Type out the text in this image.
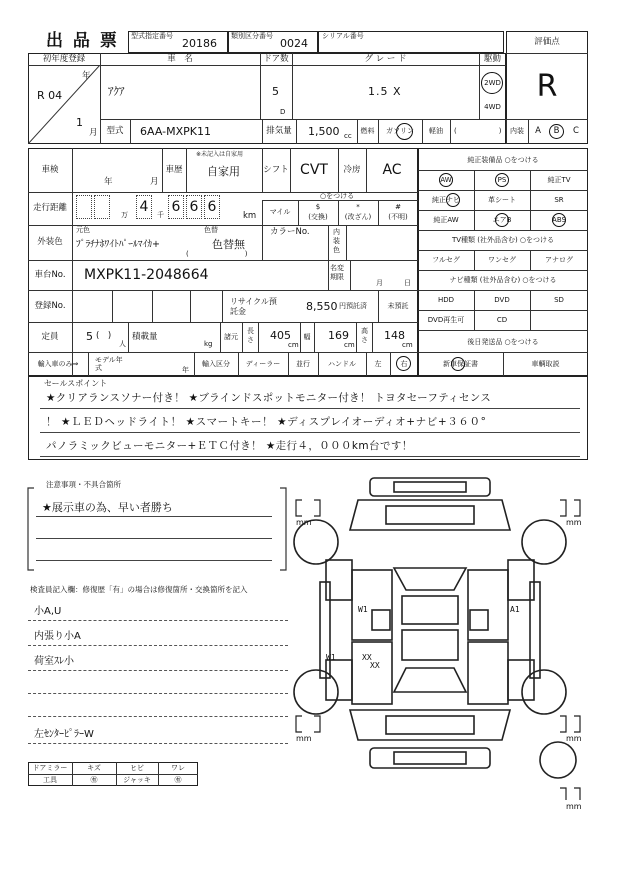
出 品 票 型式指定番号
20186
類別区分番号
0024
シリアル番号
評価点
R
初年度登録	車　名	ドア数	グ レ ー ド	駆動
R 04
年
1
月
ｱｸｱ	5
D
1.5 X
2WD
4WD
型式	6AA-MXPK11	排気量	1,500 cc
燃料	ガソリン	軽油	(　　　　　　)	内装	A	B	C
車検
年	月
車歴
※未記入は自家用
自家用	シフト CVT	冷房	AC
走行距離	4 6 6 6
万	千	km
○をつける
マイル
$
(交換)
*
(改ざん)
#
(不明)
外装色
元色
ﾌﾟﾗﾁﾅﾎﾜｲﾄﾊﾟｰﾙﾏｲｶ+
色替
色替無
(　　　　　　　　)
カラーNo.	内装色
車台No.	MXPK11-2048664	名変期限
月	日
登録No.	リサイクル預託金	8,550 円預託済	未預託
定員	5 (　)
人
積載量
kg
諸元
長さ 405
cm
幅	169
cm
高さ 148
cm
輸入車のみ⇒	モデル年式	年
輸入区分	ディーラー	並行	ハンドル	左	右
純正装備品 ○をつける
AW	PS	純正TV
純正ナビ	革シート	SR
純正AW	エアB	ABS
TV種類 (社外品含む) ○をつける
フルセグ	ワンセグ	アナログ
ナビ種類 (社外品含む) ○をつける
HDD	DVD	SD
DVD再生可	CD
後日発送品 ○をつける
新車保証書	車輌取説
セールスポイント
★クリアランスソナー付き！ ★ブラインドスポットモニター付き！ トヨタセーフティセンス
！ ★ＬＥＤヘッドライト！ ★スマートキー！ ★ディスプレイオーディオ+ナビ+３６０°
パノラミックビューモニター+ＥＴＣ付き！ ★走行４，０００km台です！
注意事項・不具合箇所
★展示車の為、早い者勝ち
検査員記入欄：修復歴「有」の場合は修復箇所・交換箇所を記入
小A,U
内張り小A
荷室ｽﾚ小
左ｾﾝﾀｰﾋﾟﾗｰW
ドアミラー	キズ	ヒビ	ワレ
工具	㊒	ジャッキ	㊒
W1	A1
W1	XX
XX
mm	mm
mm	mm
mm
